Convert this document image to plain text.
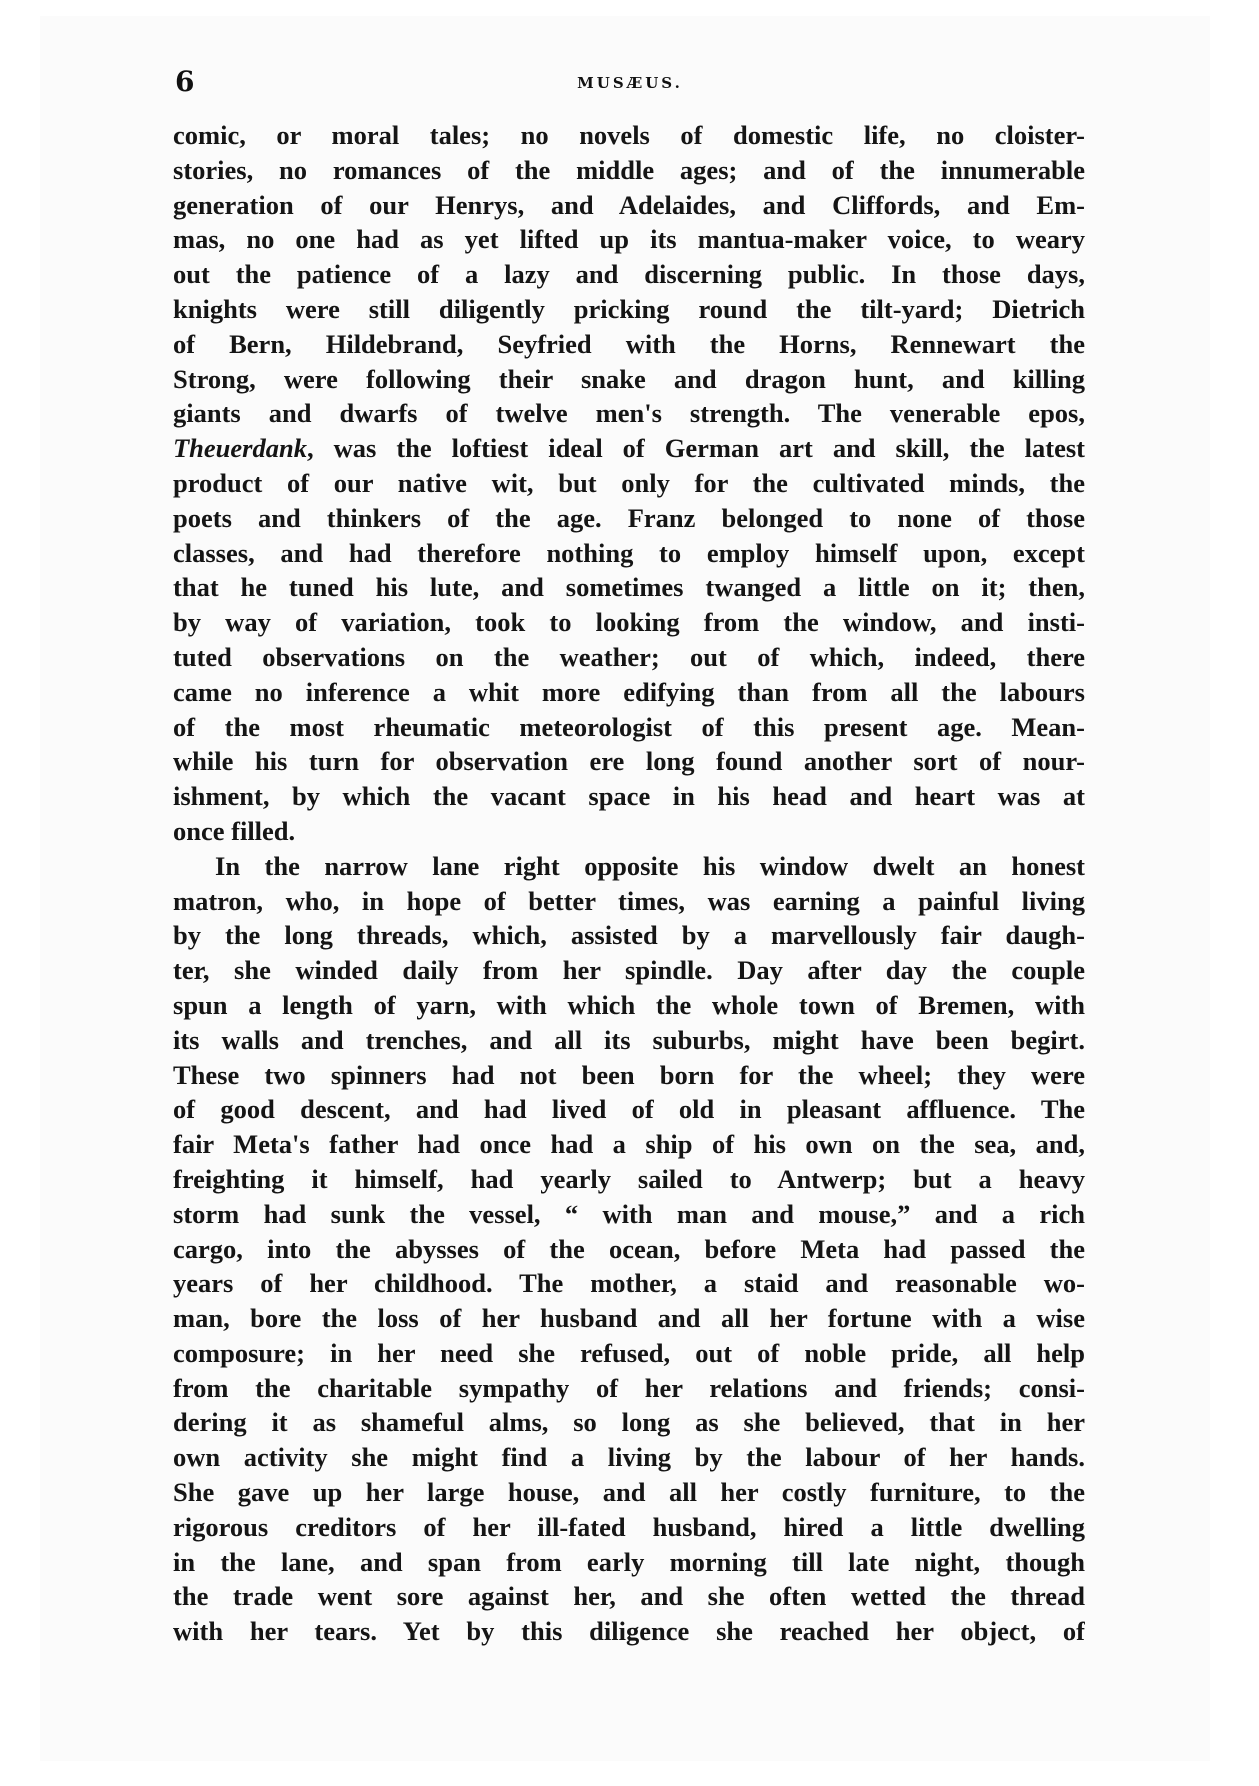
6	MUSÆUS.
comic, or moral tales; no novels of domestic life, no cloister-
stories, no romances of the middle ages; and of the innumerable
generation of our Henrys, and Adelaides, and Cliffords, and Em-
mas, no one had as yet lifted up its mantua-maker voice, to weary
out the patience of a lazy and discerning public. In those days,
knights were still diligently pricking round the tilt-yard; Dietrich
of Bern, Hildebrand, Seyfried with the Horns, Rennewart the
Strong, were following their snake and dragon hunt, and killing
giants and dwarfs of twelve men's strength. The venerable epos,
Theuerdank, was the loftiest ideal of German art and skill, the latest
product of our native wit, but only for the cultivated minds, the
poets and thinkers of the age. Franz belonged to none of those
classes, and had therefore nothing to employ himself upon, except
that he tuned his lute, and sometimes twanged a little on it; then,
by way of variation, took to looking from the window, and insti-
tuted observations on the weather; out of which, indeed, there
came no inference a whit more edifying than from all the labours
of the most rheumatic meteorologist of this present age. Mean-
while his turn for observation ere long found another sort of nour-
ishment, by which the vacant space in his head and heart was at
once filled.
In the narrow lane right opposite his window dwelt an honest
matron, who, in hope of better times, was earning a painful living
by the long threads, which, assisted by a marvellously fair daugh-
ter, she winded daily from her spindle. Day after day the couple
spun a length of yarn, with which the whole town of Bremen, with
its walls and trenches, and all its suburbs, might have been begirt.
These two spinners had not been born for the wheel; they were
of good descent, and had lived of old in pleasant affluence. The
fair Meta's father had once had a ship of his own on the sea, and,
freighting it himself, had yearly sailed to Antwerp; but a heavy
storm had sunk the vessel, “ with man and mouse,” and a rich
cargo, into the abysses of the ocean, before Meta had passed the
years of her childhood. The mother, a staid and reasonable wo-
man, bore the loss of her husband and all her fortune with a wise
composure; in her need she refused, out of noble pride, all help
from the charitable sympathy of her relations and friends; consi-
dering it as shameful alms, so long as she believed, that in her
own activity she might find a living by the labour of her hands.
She gave up her large house, and all her costly furniture, to the
rigorous creditors of her ill-fated husband, hired a little dwelling
in the lane, and span from early morning till late night, though
the trade went sore against her, and she often wetted the thread
with her tears. Yet by this diligence she reached her object, of
